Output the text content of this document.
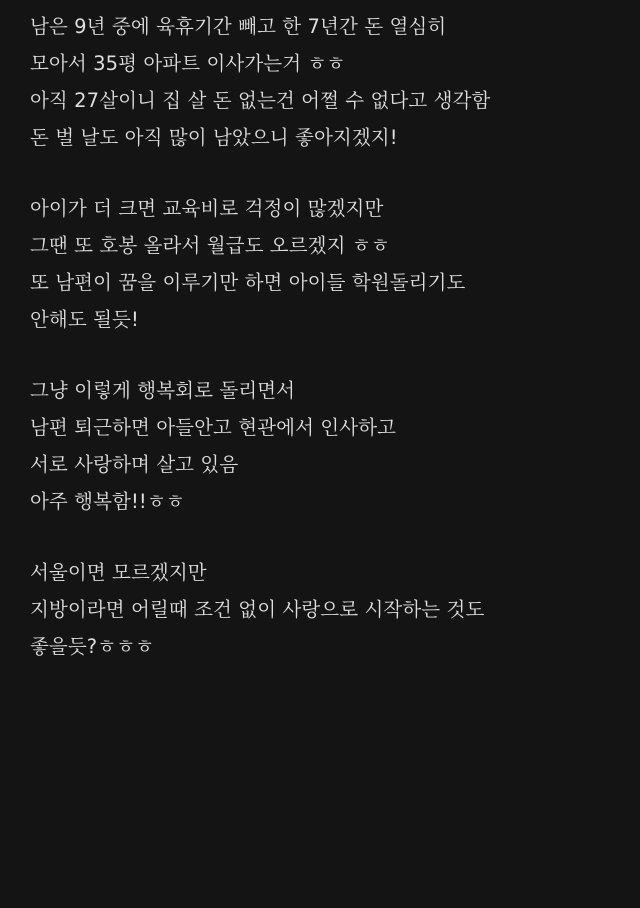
남은 9년 중에 육휴기간 빼고 한 7년간 돈 열심히
모아서 35평 아파트 이사가는거 ㅎㅎ
아직 27살이니 집 살 돈 없는건 어쩔 수 없다고 생각함
돈 벌 날도 아직 많이 남았으니 좋아지겠지!
아이가 더 크면 교육비로 걱정이 많겠지만
그땐 또 호봉 올라서 월급도 오르겠지 ㅎㅎ
또 남편이 꿈을 이루기만 하면 아이들 학원돌리기도
안해도 될듯!
그냥 이렇게 행복회로 돌리면서
남편 퇴근하면 아들안고 현관에서 인사하고
서로 사랑하며 살고 있음
아주 행복함!!ㅎㅎ
서울이면 모르겠지만
지방이라면 어릴때 조건 없이 사랑으로 시작하는 것도
좋을듯?ㅎㅎㅎ
